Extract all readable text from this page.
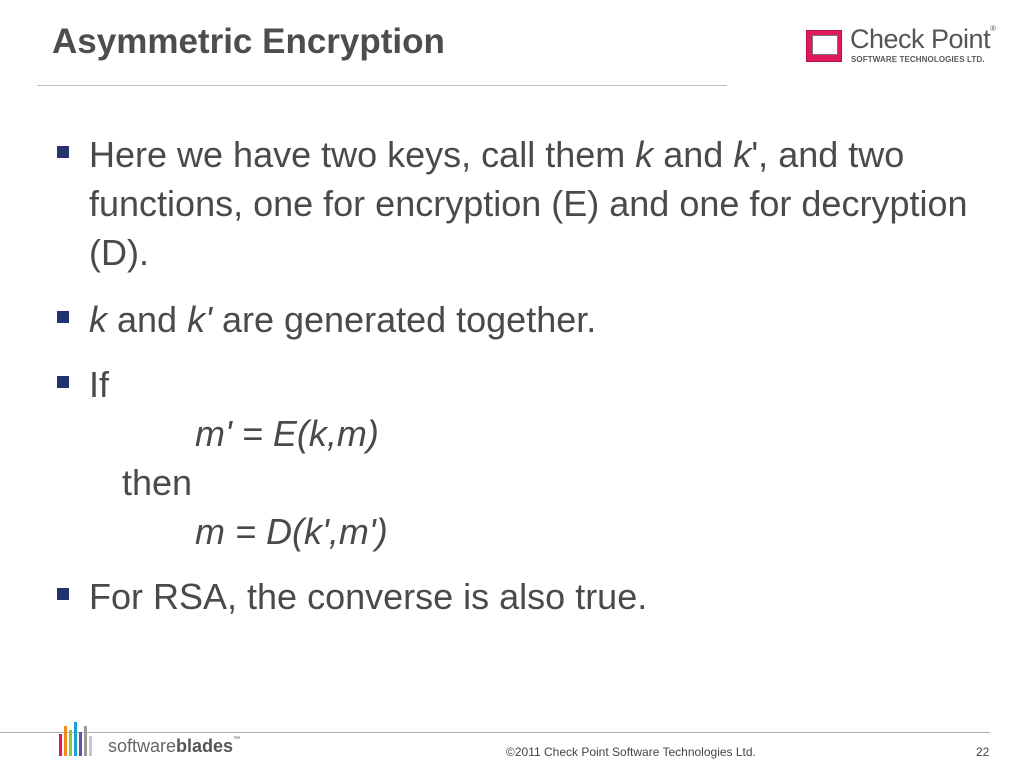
Asymmetric Encryption	Check Point®
SOFTWARE TECHNOLOGIES LTD.
Here we have two keys, call them k and k', and two functions, one for encryption (E) and one for decryption (D).
k and k' are generated together.
If
m' = E(k,m)
then
m = D(k',m')
For RSA, the converse is also true.
softwareblades™
©2011 Check Point Software Technologies Ltd.	22
